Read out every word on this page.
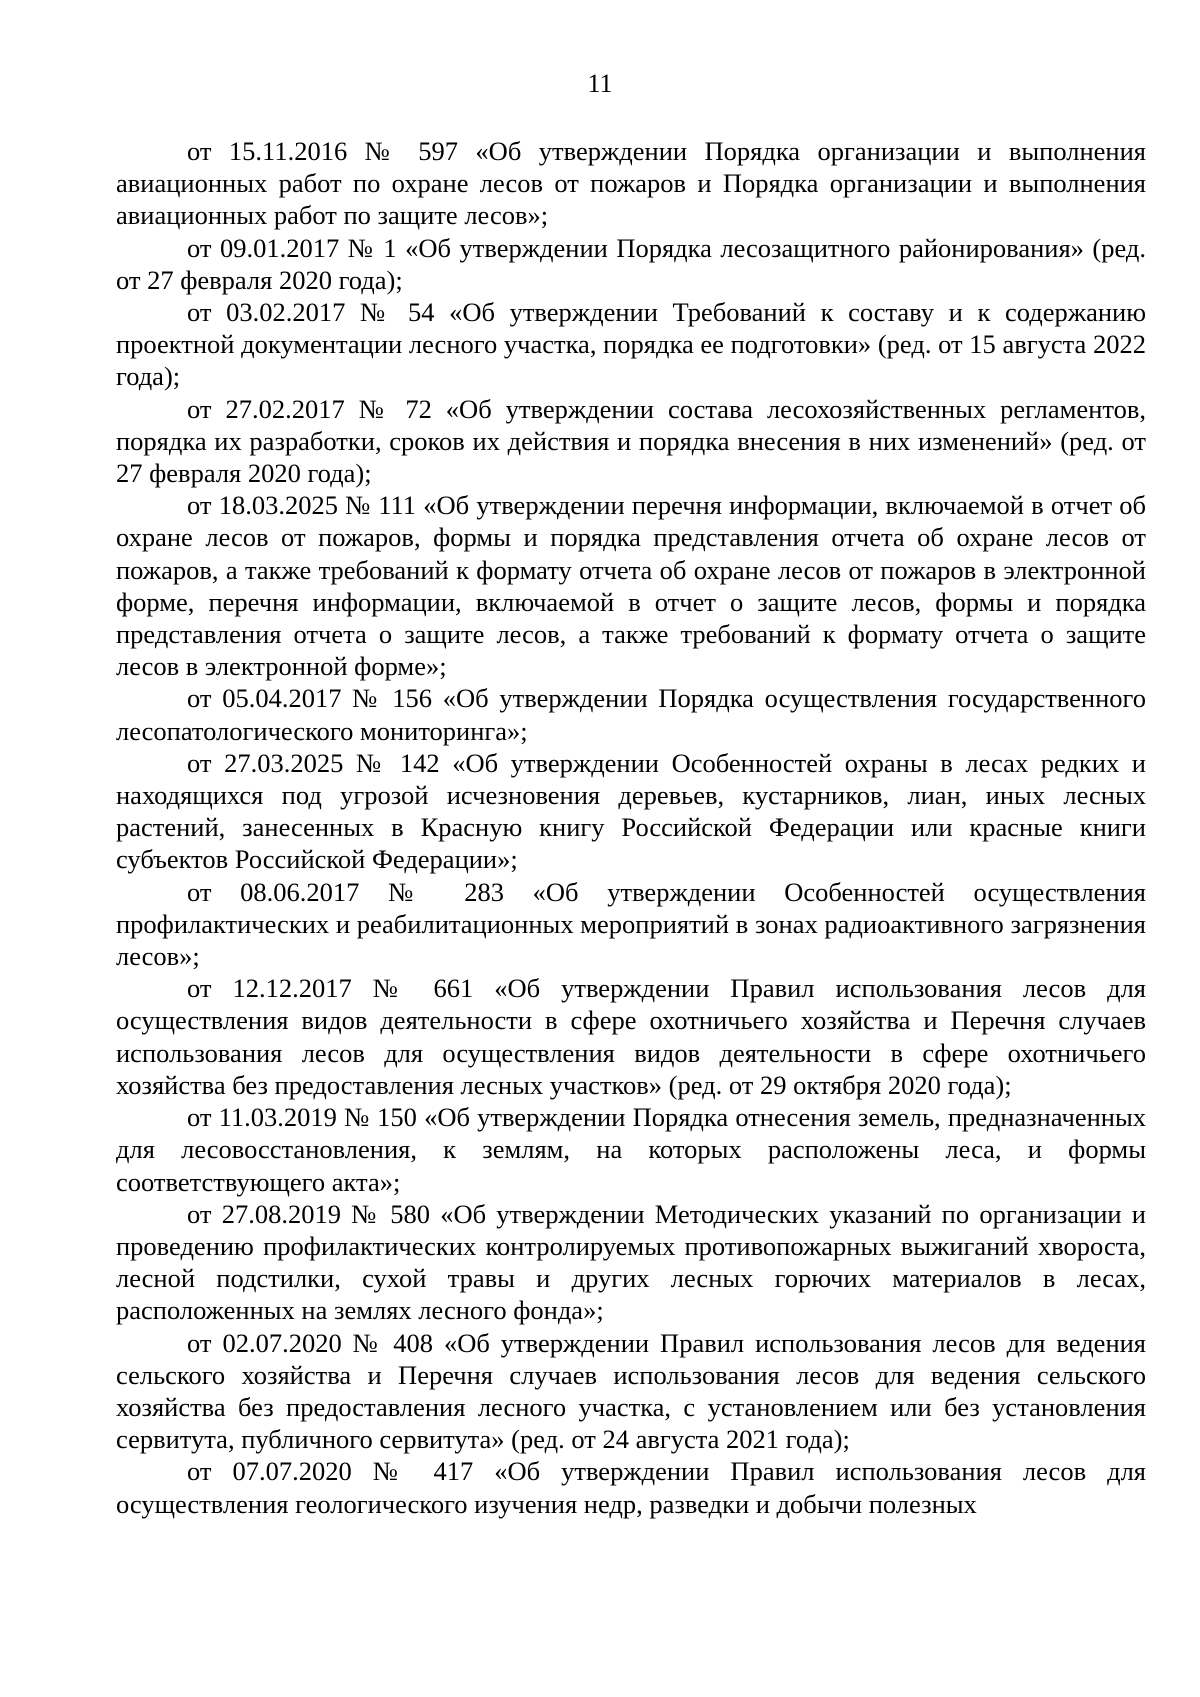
11

от 15.11.2016 № 597 «Об утверждении Порядка организации и выполнения авиационных работ по охране лесов от пожаров и Порядка организации и выполнения авиационных работ по защите лесов»;

от 09.01.2017 № 1 «Об утверждении Порядка лесозащитного районирования» (ред. от 27 февраля 2020 года);

от 03.02.2017 № 54 «Об утверждении Требований к составу и к содержанию проектной документации лесного участка, порядка ее подготовки» (ред. от 15 августа 2022 года);

от 27.02.2017 № 72 «Об утверждении состава лесохозяйственных регламентов, порядка их разработки, сроков их действия и порядка внесения в них изменений» (ред. от 27 февраля 2020 года);

от 18.03.2025 № 111 «Об утверждении перечня информации, включаемой в отчет об охране лесов от пожаров, формы и порядка представления отчета об охране лесов от пожаров, а также требований к формату отчета об охране лесов от пожаров в электронной форме, перечня информации, включаемой в отчет о защите лесов, формы и порядка представления отчета о защите лесов, а также требований к формату отчета о защите лесов в электронной форме»;

от 05.04.2017 № 156 «Об утверждении Порядка осуществления государственного лесопатологического мониторинга»;

от 27.03.2025 № 142 «Об утверждении Особенностей охраны в лесах редких и находящихся под угрозой исчезновения деревьев, кустарников, лиан, иных лесных растений, занесенных в Красную книгу Российской Федерации или красные книги субъектов Российской Федерации»;

от 08.06.2017 № 283 «Об утверждении Особенностей осуществления профилактических и реабилитационных мероприятий в зонах радиоактивного загрязнения лесов»;

от 12.12.2017 № 661 «Об утверждении Правил использования лесов для осуществления видов деятельности в сфере охотничьего хозяйства и Перечня случаев использования лесов для осуществления видов деятельности в сфере охотничьего хозяйства без предоставления лесных участков» (ред. от 29 октября 2020 года);

от 11.03.2019 № 150 «Об утверждении Порядка отнесения земель, предназначенных для лесовосстановления, к землям, на которых расположены леса, и формы соответствующего акта»;

от 27.08.2019 № 580 «Об утверждении Методических указаний по организации и проведению профилактических контролируемых противопожарных выжиганий хвороста, лесной подстилки, сухой травы и других лесных горючих материалов в лесах, расположенных на землях лесного фонда»;

от 02.07.2020 № 408 «Об утверждении Правил использования лесов для ведения сельского хозяйства и Перечня случаев использования лесов для ведения сельского хозяйства без предоставления лесного участка, с установлением или без установления сервитута, публичного сервитута» (ред. от 24 августа 2021 года);

от 07.07.2020 № 417 «Об утверждении Правил использования лесов для осуществления геологического изучения недр, разведки и добычи полезных
